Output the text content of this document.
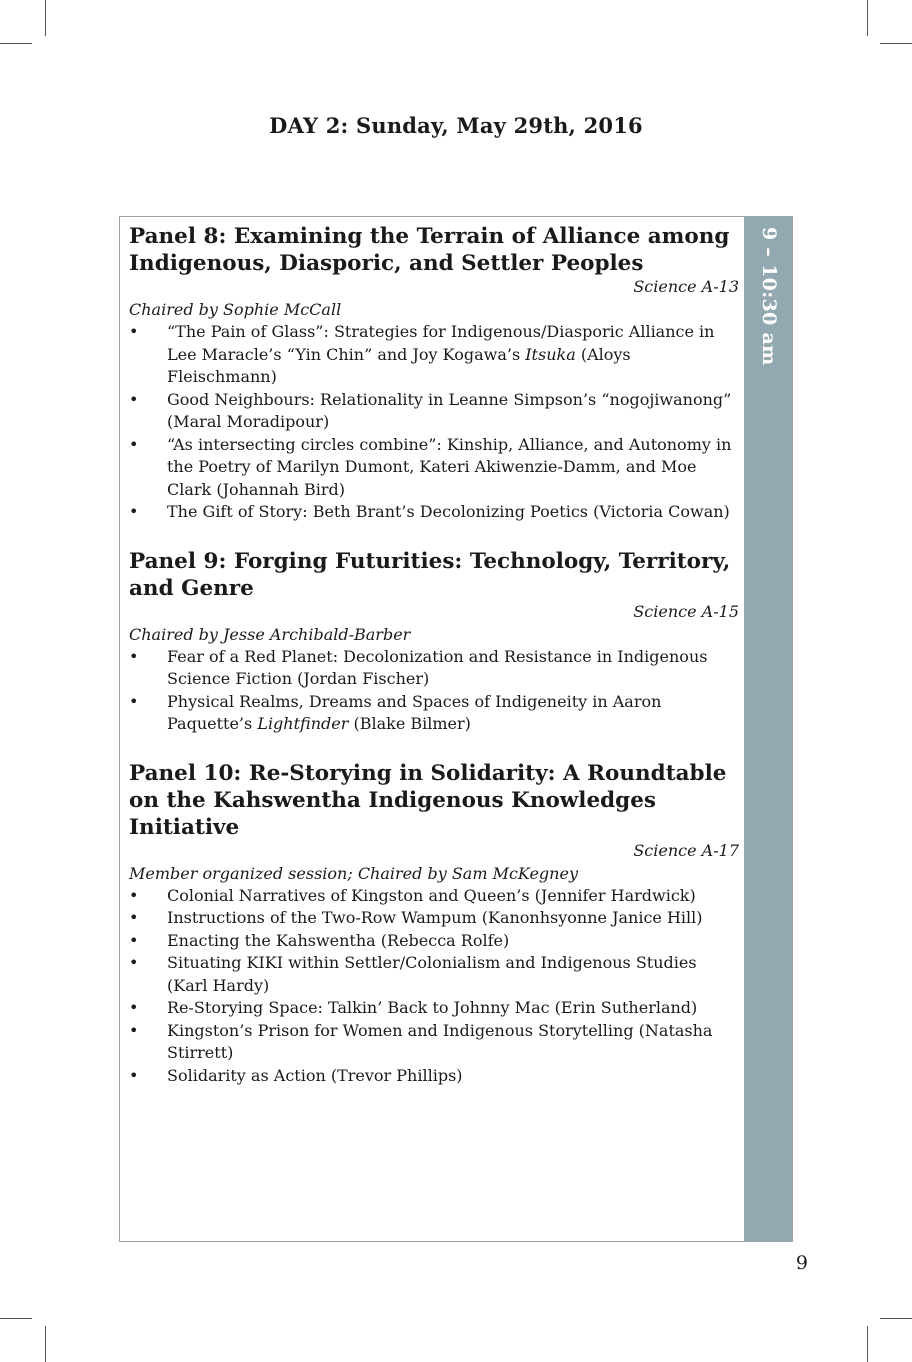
DAY 2: Sunday, May 29th, 2016
9 – 10:30 am
Panel 8: Examining the Terrain of Alliance among
Indigenous, Diasporic, and Settler Peoples
Science A-13
Chaired by Sophie McCall
• “The Pain of Glass”: Strategies for Indigenous/Diasporic Alliance in Lee Maracle’s “Yin Chin” and Joy Kogawa’s Itsuka (Aloys Fleischmann)
• Good Neighbours: Relationality in Leanne Simpson’s “nogojiwanong” (Maral Moradipour)
• “As intersecting circles combine”: Kinship, Alliance, and Autonomy in the Poetry of Marilyn Dumont, Kateri Akiwenzie-Damm, and Moe Clark (Johannah Bird)
• The Gift of Story: Beth Brant’s Decolonizing Poetics (Victoria Cowan)
Panel 9: Forging Futurities: Technology, Territory,
and Genre
Science A-15
Chaired by Jesse Archibald-Barber
• Fear of a Red Planet: Decolonization and Resistance in Indigenous Science Fiction (Jordan Fischer)
• Physical Realms, Dreams and Spaces of Indigeneity in Aaron Paquette’s Lightfinder (Blake Bilmer)
Panel 10: Re-Storying in Solidarity: A Roundtable
on the Kahswentha Indigenous Knowledges
Initiative
Science A-17
Member organized session; Chaired by Sam McKegney
• Colonial Narratives of Kingston and Queen’s (Jennifer Hardwick)
• Instructions of the Two-Row Wampum (Kanonhsyonne Janice Hill)
• Enacting the Kahswentha (Rebecca Rolfe)
• Situating KIKI within Settler/Colonialism and Indigenous Studies (Karl Hardy)
• Re-Storying Space: Talkin’ Back to Johnny Mac (Erin Sutherland)
• Kingston’s Prison for Women and Indigenous Storytelling (Natasha Stirrett)
• Solidarity as Action (Trevor Phillips)
9
